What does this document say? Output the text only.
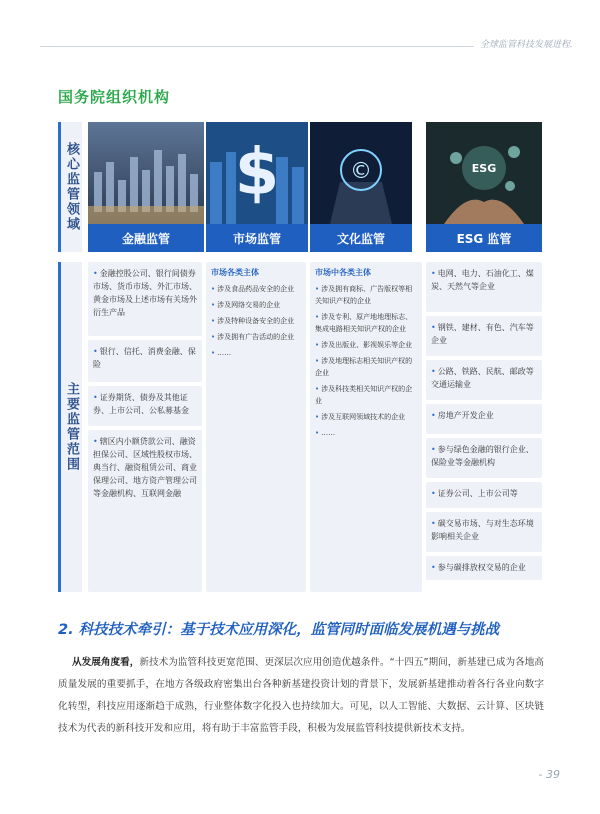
全球监管科技发展进程
国务院组织机构
核心监管领域
主要监管范围
金融监管
$
市场监管
©
文化监管
ESG
ESG 监管
• 金融控股公司、银行间债券市场、货币市场、外汇市场、黄金市场及上述市场有关场外衍生产品
• 银行、信托、消费金融、保险
• 证券期货、债券及其他证券、上市公司、公私募基金
• 辖区内小额贷款公司、融资担保公司、区域性股权市场、典当行、融资租赁公司、商业保理公司、地方资产管理公司等金融机构、互联网金融
市场各类主体
• 涉及食品药品安全的企业
• 涉及网络交易的企业
• 涉及特种设备安全的企业
• 涉及拥有广告活动的企业
• ……
市场中各类主体
• 涉及拥有商标、广告版权等相关知识产权的企业
• 涉及专利、原产地地理标志、集成电路相关知识产权的企业
• 涉及出版业、影视娱乐等企业
• 涉及地理标志相关知识产权的企业
• 涉及科技类相关知识产权的企业
• 涉及互联网领域技术的企业
• ……
• 电网、电力、石油化工、煤炭、天然气等企业
• 钢铁、建材、有色、汽车等企业
• 公路、铁路、民航、邮政等交通运输业
• 房地产开发企业
• 参与绿色金融的银行企业、保险业等金融机构
• 证券公司、上市公司等
• 碳交易市场、与对生态环境影响相关企业
• 参与碳排放权交易的企业
2. 科技技术牵引：基于技术应用深化，监管同时面临发展机遇与挑战
从发展角度看，新技术为监管科技更宽范围、更深层次应用创造优越条件。“十四五”期间，新基建已成为各地高质量发展的重要抓手，在地方各级政府密集出台各种新基建投资计划的背景下，发展新基建推动着各行各业向数字化转型，科技应用逐渐趋于成熟，行业整体数字化投入也持续加大。可见，以人工智能、大数据、云计算、区块链技术为代表的新科技开发和应用，将有助于丰富监管手段，积极为发展监管科技提供新技术支持。
- 39
